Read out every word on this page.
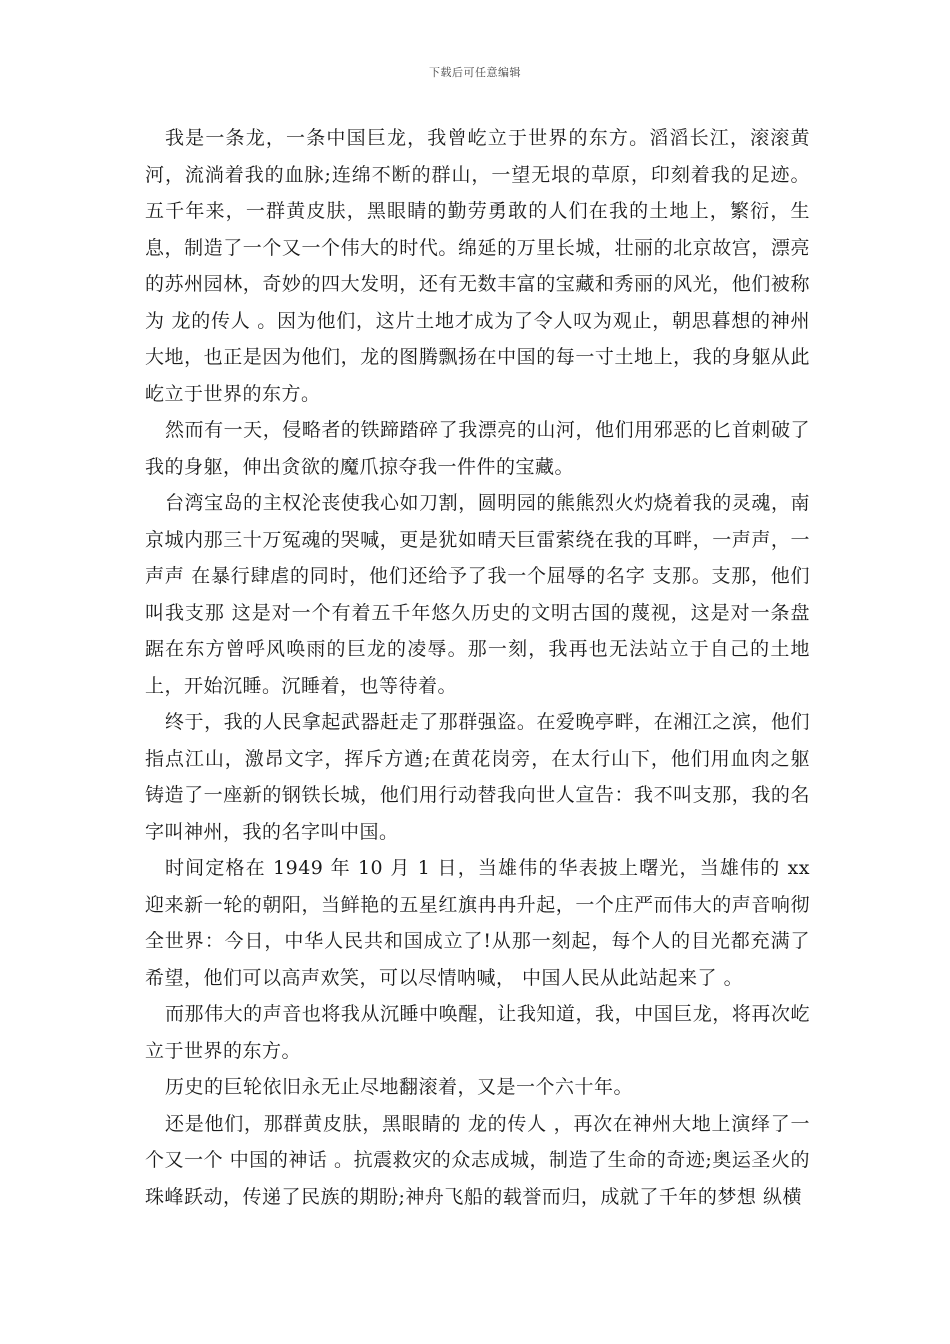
下载后可任意编辑

我是一条龙，一条中国巨龙，我曾屹立于世界的东方。滔滔长江，滚滚黄河，流淌着我的血脉;连绵不断的群山，一望无垠的草原，印刻着我的足迹。五千年来，一群黄皮肤，黑眼睛的勤劳勇敢的人们在我的土地上，繁衍，生息，制造了一个又一个伟大的时代。绵延的万里长城，壮丽的北京故宫，漂亮的苏州园林，奇妙的四大发明，还有无数丰富的宝藏和秀丽的风光，他们被称为 龙的传人 。因为他们，这片土地才成为了令人叹为观止，朝思暮想的神州大地，也正是因为他们，龙的图腾飘扬在中国的每一寸土地上，我的身躯从此屹立于世界的东方。

然而有一天，侵略者的铁蹄踏碎了我漂亮的山河，他们用邪恶的匕首刺破了我的身躯，伸出贪欲的魔爪掠夺我一件件的宝藏。

台湾宝岛的主权沦丧使我心如刀割，圆明园的熊熊烈火灼烧着我的灵魂，南京城内那三十万冤魂的哭喊，更是犹如晴天巨雷萦绕在我的耳畔，一声声，一声声 在暴行肆虐的同时，他们还给予了我一个屈辱的名字 支那。支那，他们叫我支那 这是对一个有着五千年悠久历史的文明古国的蔑视，这是对一条盘踞在东方曾呼风唤雨的巨龙的凌辱。那一刻，我再也无法站立于自己的土地上，开始沉睡。沉睡着，也等待着。

终于，我的人民拿起武器赶走了那群强盗。在爱晚亭畔，在湘江之滨，他们指点江山，激昂文字，挥斥方遒;在黄花岗旁，在太行山下，他们用血肉之躯铸造了一座新的钢铁长城，他们用行动替我向世人宣告：我不叫支那，我的名字叫神州，我的名字叫中国。

时间定格在 1949 年 10 月 1 日，当雄伟的华表披上曙光，当雄伟的 xx 迎来新一轮的朝阳，当鲜艳的五星红旗冉冉升起，一个庄严而伟大的声音响彻全世界：今日，中华人民共和国成立了!从那一刻起，每个人的目光都充满了希望，他们可以高声欢笑，可以尽情呐喊， 中国人民从此站起来了 。

而那伟大的声音也将我从沉睡中唤醒，让我知道，我，中国巨龙，将再次屹立于世界的东方。

历史的巨轮依旧永无止尽地翻滚着，又是一个六十年。

还是他们，那群黄皮肤，黑眼睛的 龙的传人 ，再次在神州大地上演绎了一个又一个 中国的神话 。抗震救灾的众志成城，制造了生命的奇迹;奥运圣火的珠峰跃动，传递了民族的期盼;神舟飞船的载誉而归，成就了千年的梦想 纵横
